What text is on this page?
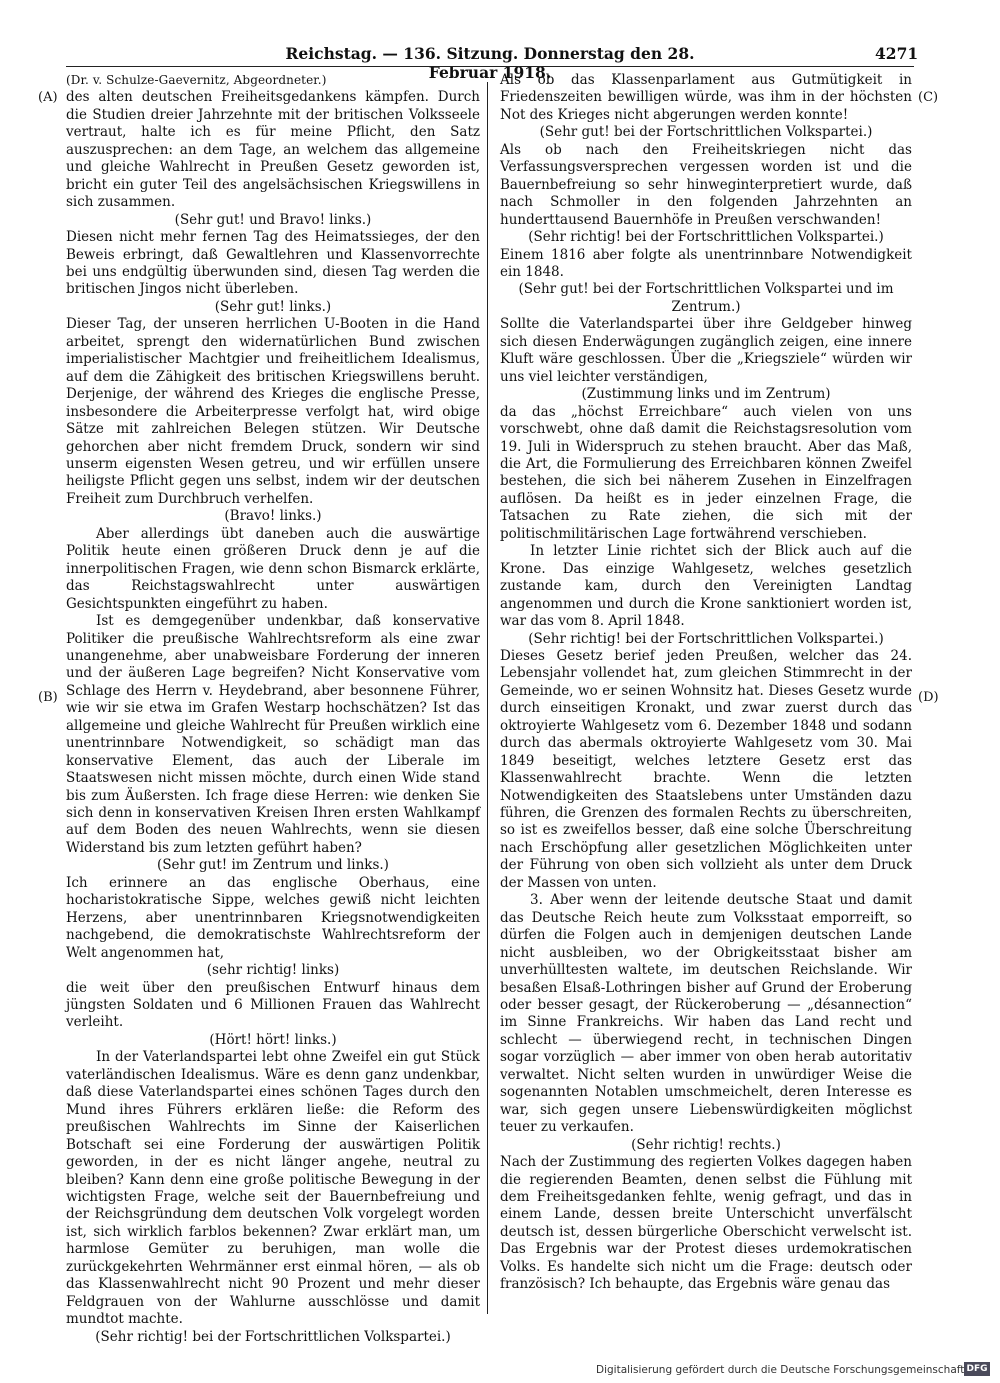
Reichstag. — 136. Sitzung. Donnerstag den 28. Februar 1918.
4271
(A)
(B)
(C)
(D)

(Dr. v. Schulze-Gaevernitz, Abgeordneter.)

des alten deutschen Freiheitsgedankens kämpfen. Durch die Studien dreier Jahrzehnte mit der britischen Volksseele vertraut, halte ich es für meine Pflicht, den Satz auszusprechen: an dem Tage, an welchem das allgemeine und gleiche Wahlrecht in Preußen Gesetz geworden ist, bricht ein guter Teil des angelsächsischen Kriegswillens in sich zusammen.

(Sehr gut! und Bravo! links.)

Diesen nicht mehr fernen Tag des Heimatssieges, der den Beweis erbringt, daß Gewaltlehren und Klassenvorrechte bei uns endgültig überwunden sind, diesen Tag werden die britischen Jingos nicht überleben.

(Sehr gut! links.)

Dieser Tag, der unseren herrlichen U-Booten in die Hand arbeitet, sprengt den widernatürlichen Bund zwischen imperialistischer Machtgier und freiheitlichem Idealismus, auf dem die Zähigkeit des britischen Kriegswillens beruht. Derjenige, der während des Krieges die englische Presse, insbesondere die Arbeiterpresse verfolgt hat, wird obige Sätze mit zahlreichen Belegen stützen. Wir Deutsche gehorchen aber nicht fremdem Druck, sondern wir sind unserm eigensten Wesen getreu, und wir erfüllen unsere heiligste Pflicht gegen uns selbst, indem wir der deutschen Freiheit zum Durchbruch verhelfen.

(Bravo! links.)

Aber allerdings übt daneben auch die auswärtige Politik heute einen größeren Druck denn je auf die innerpolitischen Fragen, wie denn schon Bismarck erklärte, das Reichstagswahlrecht unter auswärtigen Gesichtspunkten eingeführt zu haben.

Ist es demgegenüber undenkbar, daß konservative Politiker die preußische Wahlrechtsreform als eine zwar unangenehme, aber unabweisbare Forderung der inneren und der äußeren Lage begreifen? Nicht Konservative vom Schlage des Herrn v. Heydebrand, aber besonnene Führer, wie wir sie etwa im Grafen Westarp hochschätzen? Ist das allgemeine und gleiche Wahlrecht für Preußen wirklich eine unentrinnbare Notwendigkeit, so schädigt man das konservative Element, das auch der Liberale im Staatswesen nicht missen möchte, durch einen Wide stand bis zum Äußersten. Ich frage diese Herren: wie denken Sie sich denn in konservativen Kreisen Ihren ersten Wahlkampf auf dem Boden des neuen Wahlrechts, wenn sie diesen Widerstand bis zum letzten geführt haben?

(Sehr gut! im Zentrum und links.)

Ich erinnere an das englische Oberhaus, eine hocharistokratische Sippe, welches gewiß nicht leichten Herzens, aber unentrinnbaren Kriegsnotwendigkeiten nachgebend, die demokratischste Wahlrechtsreform der Welt angenommen hat,

(sehr richtig! links)

die weit über den preußischen Entwurf hinaus dem jüngsten Soldaten und 6 Millionen Frauen das Wahlrecht verleiht.

(Hört! hört! links.)

In der Vaterlandspartei lebt ohne Zweifel ein gut Stück vaterländischen Idealismus. Wäre es denn ganz undenkbar, daß diese Vaterlandspartei eines schönen Tages durch den Mund ihres Führers erklären ließe: die Reform des preußischen Wahlrechts im Sinne der Kaiserlichen Botschaft sei eine Forderung der auswärtigen Politik geworden, in der es nicht länger angehe, neutral zu bleiben? Kann denn eine große politische Bewegung in der wichtigsten Frage, welche seit der Bauernbefreiung und der Reichsgründung dem deutschen Volk vorgelegt worden ist, sich wirklich farblos bekennen? Zwar erklärt man, um harmlose Gemüter zu beruhigen, man wolle die zurückgekehrten Wehrmänner erst einmal hören, — als ob das Klassenwahlrecht nicht 90 Prozent und mehr dieser Feldgrauen von der Wahlurne ausschlösse und damit mundtot machte.

(Sehr richtig! bei der Fortschrittlichen Volkspartei.)

Als ob das Klassenparlament aus Gutmütigkeit in Friedenszeiten bewilligen würde, was ihm in der höchsten Not des Krieges nicht abgerungen werden konnte!

(Sehr gut! bei der Fortschrittlichen Volkspartei.)

Als ob nach den Freiheitskriegen nicht das Verfassungsversprechen vergessen worden ist und die Bauernbefreiung so sehr hinweginterpretiert wurde, daß nach Schmoller in den folgenden Jahrzehnten an hunderttausend Bauernhöfe in Preußen verschwanden!

(Sehr richtig! bei der Fortschrittlichen Volkspartei.)

Einem 1816 aber folgte als unentrinnbare Notwendigkeit ein 1848.

(Sehr gut! bei der Fortschrittlichen Volkspartei und im Zentrum.)

Sollte die Vaterlandspartei über ihre Geldgeber hinweg sich diesen Enderwägungen zugänglich zeigen, eine innere Kluft wäre geschlossen. Über die „Kriegsziele“ würden wir uns viel leichter verständigen,

(Zustimmung links und im Zentrum)

da das „höchst Erreichbare“ auch vielen von uns vorschwebt, ohne daß damit die Reichstagsresolution vom 19. Juli in Widerspruch zu stehen braucht. Aber das Maß, die Art, die Formulierung des Erreichbaren können Zweifel bestehen, die sich bei näherem Zusehen in Einzelfragen auflösen. Da heißt es in jeder einzelnen Frage, die Tatsachen zu Rate ziehen, die sich mit der politischmilitärischen Lage fortwährend verschieben.

In letzter Linie richtet sich der Blick auch auf die Krone. Das einzige Wahlgesetz, welches gesetzlich zustande kam, durch den Vereinigten Landtag angenommen und durch die Krone sanktioniert worden ist, war das vom 8. April 1848.

(Sehr richtig! bei der Fortschrittlichen Volkspartei.)

Dieses Gesetz berief jeden Preußen, welcher das 24. Lebensjahr vollendet hat, zum gleichen Stimmrecht in der Gemeinde, wo er seinen Wohnsitz hat. Dieses Gesetz wurde durch einseitigen Kronakt, und zwar zuerst durch das oktroyierte Wahlgesetz vom 6. Dezember 1848 und sodann durch das abermals oktroyierte Wahlgesetz vom 30. Mai 1849 beseitigt, welches letztere Gesetz erst das Klassenwahlrecht brachte. Wenn die letzten Notwendigkeiten des Staatslebens unter Umständen dazu führen, die Grenzen des formalen Rechts zu überschreiten, so ist es zweifellos besser, daß eine solche Überschreitung nach Erschöpfung aller gesetzlichen Möglichkeiten unter der Führung von oben sich vollzieht als unter dem Druck der Massen von unten.

3. Aber wenn der leitende deutsche Staat und damit das Deutsche Reich heute zum Volksstaat emporreift, so dürfen die Folgen auch in demjenigen deutschen Lande nicht ausbleiben, wo der Obrigkeitsstaat bisher am unverhülltesten waltete, im deutschen Reichslande. Wir besaßen Elsaß-Lothringen bisher auf Grund der Eroberung oder besser gesagt, der Rückeroberung — „désannection“ im Sinne Frankreichs. Wir haben das Land recht und schlecht — überwiegend recht, in technischen Dingen sogar vorzüglich — aber immer von oben herab autoritativ verwaltet. Nicht selten wurden in unwürdiger Weise die sogenannten Notablen umschmeichelt, deren Interesse es war, sich gegen unsere Liebenswürdigkeiten möglichst teuer zu verkaufen.

(Sehr richtig! rechts.)

Nach der Zustimmung des regierten Volkes dagegen haben die regierenden Beamten, denen selbst die Fühlung mit dem Freiheitsgedanken fehlte, wenig gefragt, und das in einem Lande, dessen breite Unterschicht unverfälscht deutsch ist, dessen bürgerliche Oberschicht verwelscht ist. Das Ergebnis war der Protest dieses urdemokratischen Volks. Es handelte sich nicht um die Frage: deutsch oder französisch? Ich behaupte, das Ergebnis wäre genau das

Digitalisierung gefördert durch die Deutsche Forschungsgemeinschaft DFG
